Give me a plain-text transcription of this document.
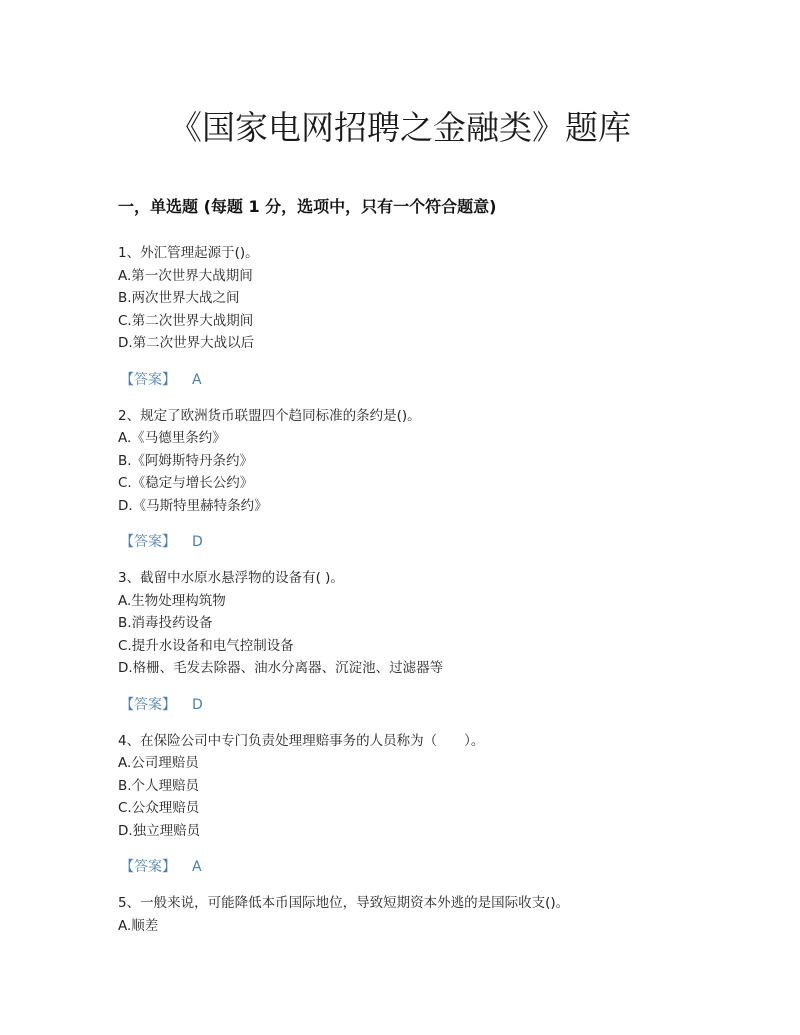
《国家电网招聘之金融类》题库
一，单选题 (每题 1 分，选项中，只有一个符合题意)
1、外汇管理起源于()。
A.第一次世界大战期间
B.两次世界大战之间
C.第二次世界大战期间
D.第二次世界大战以后
【答案】 A
2、规定了欧洲货币联盟四个趋同标准的条约是()。
A.《马德里条约》
B.《阿姆斯特丹条约》
C.《稳定与增长公约》
D.《马斯特里赫特条约》
【答案】 D
3、截留中水原水悬浮物的设备有( )。
A.生物处理构筑物
B.消毒投药设备
C.提升水设备和电气控制设备
D.格栅、毛发去除器、油水分离器、沉淀池、过滤器等
【答案】 D
4、在保险公司中专门负责处理理赔事务的人员称为（　　）。
A.公司理赔员
B.个人理赔员
C.公众理赔员
D.独立理赔员
【答案】 A
5、一般来说，可能降低本币国际地位，导致短期资本外逃的是国际收支()。
A.顺差
